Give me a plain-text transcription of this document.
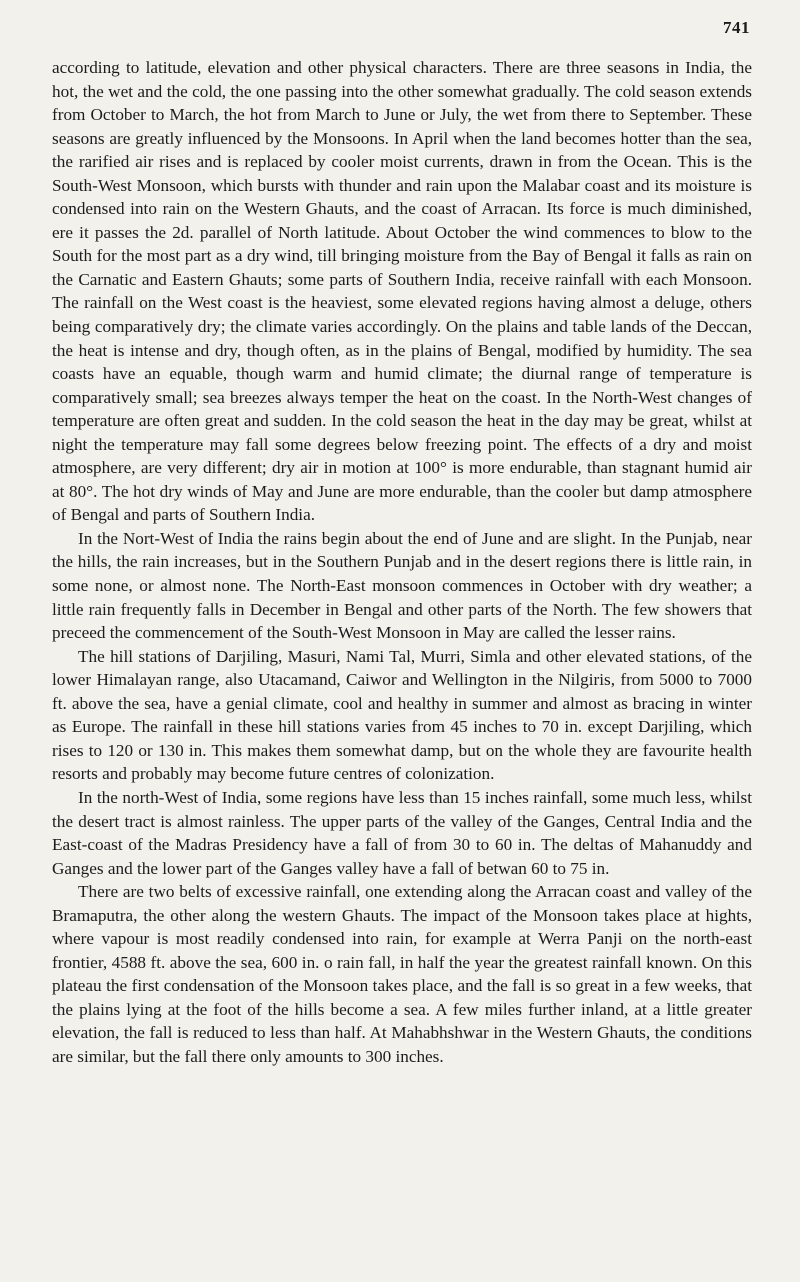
741

according to latitude, elevation and other physical characters. There are three seasons in India, the hot, the wet and the cold, the one passing into the other somewhat gradually. The cold season extends from October to March, the hot from March to June or July, the wet from there to September. These seasons are greatly influenced by the Monsoons. In April when the land becomes hotter than the sea, the rarified air rises and is replaced by cooler moist currents, drawn in from the Ocean. This is the South-West Monsoon, which bursts with thunder and rain upon the Malabar coast and its moisture is condensed into rain on the Western Ghauts, and the coast of Arracan. Its force is much diminished, ere it passes the 2d. parallel of North latitude. About October the wind commences to blow to the South for the most part as a dry wind, till bringing moisture from the Bay of Bengal it falls as rain on the Carnatic and Eastern Ghauts; some parts of Southern India, receive rainfall with each Monsoon. The rainfall on the West coast is the heaviest, some elevated regions having almost a deluge, others being comparatively dry; the climate varies accordingly. On the plains and table lands of the Deccan, the heat is intense and dry, though often, as in the plains of Bengal, modified by humidity. The sea coasts have an equable, though warm and humid climate; the diurnal range of temperature is comparatively small; sea breezes always temper the heat on the coast. In the North-West changes of temperature are often great and sudden. In the cold season the heat in the day may be great, whilst at night the temperature may fall some degrees below freezing point. The effects of a dry and moist atmosphere, are very different; dry air in motion at 100° is more endurable, than stagnant humid air at 80°. The hot dry winds of May and June are more endurable, than the cooler but damp atmosphere of Bengal and parts of Southern India.

In the Nort-West of India the rains begin about the end of June and are slight. In the Punjab, near the hills, the rain increases, but in the Southern Punjab and in the desert regions there is little rain, in some none, or almost none. The North-East monsoon commences in October with dry weather; a little rain frequently falls in December in Bengal and other parts of the North. The few showers that preceed the commencement of the South-West Monsoon in May are called the lesser rains.

The hill stations of Darjiling, Masuri, Nami Tal, Murri, Simla and other elevated stations, of the lower Himalayan range, also Utacamand, Caiwor and Wellington in the Nilgiris, from 5000 to 7000 ft. above the sea, have a genial climate, cool and healthy in summer and almost as bracing in winter as Europe. The rainfall in these hill stations varies from 45 inches to 70 in. except Darjiling, which rises to 120 or 130 in. This makes them somewhat damp, but on the whole they are favourite health resorts and probably may become future centres of colonization.

In the north-West of India, some regions have less than 15 inches rainfall, some much less, whilst the desert tract is almost rainless. The upper parts of the valley of the Ganges, Central India and the East-coast of the Madras Presidency have a fall of from 30 to 60 in. The deltas of Mahanuddy and Ganges and the lower part of the Ganges valley have a fall of betwan 60 to 75 in.

There are two belts of excessive rainfall, one extending along the Arracan coast and valley of the Bramaputra, the other along the western Ghauts. The impact of the Monsoon takes place at hights, where vapour is most readily condensed into rain, for example at Werra Panji on the north-east frontier, 4588 ft. above the sea, 600 in. o rain fall, in half the year the greatest rainfall known. On this plateau the first condensation of the Monsoon takes place, and the fall is so great in a few weeks, that the plains lying at the foot of the hills become a sea. A few miles further inland, at a little greater elevation, the fall is reduced to less than half. At Mahabhshwar in the Western Ghauts, the conditions are similar, but the fall there only amounts to 300 inches.
